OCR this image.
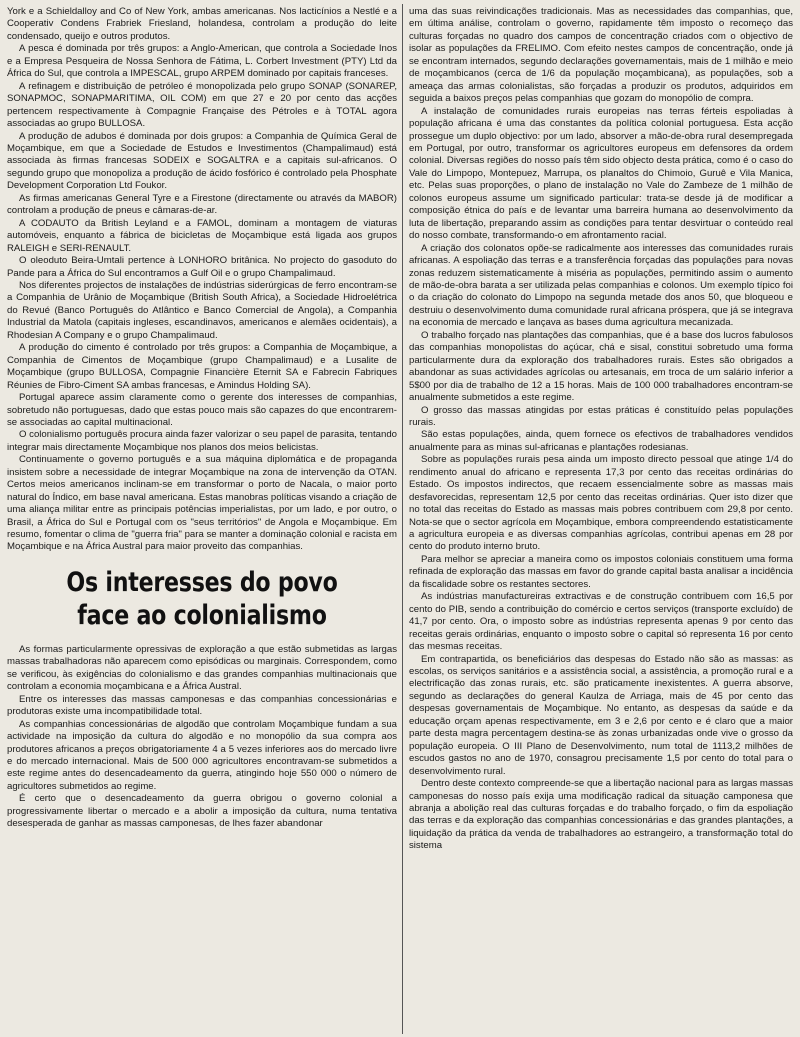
York e a Schieldalloy and Co of New York, ambas americanas. Nos lacticínios a Nestlé e a Cooperativ Condens Frabriek Friesland, holandesa, controlam a produção do leite condensado, queijo e outros produtos.

A pesca é dominada por três grupos: a Anglo-American, que controla a Sociedade Inos e a Empresa Pesqueira de Nossa Senhora de Fátima, L. Corbert Investment (PTY) Ltd da África do Sul, que controla a IMPESCAL, grupo ARPEM dominado por capitais franceses.

A refinagem e distribuição de petróleo é monopolizada pelo grupo SONAP (SONAREP, SONAPMOC, SONAPMARITIMA, OIL COM) em que 27 e 20 por cento das acções pertencem respectivamente à Compagnie Française des Pétroles e à TOTAL agora associadas ao grupo BULLOSA.

A produção de adubos é dominada por dois grupos: a Companhia de Química Geral de Moçambique, em que a Sociedade de Estudos e Investimentos (Champalimaud) está associada às firmas francesas SODEIX e SOGALTRA e a capitais sul-africanos. O segundo grupo que monopoliza a produção de ácido fosfórico é controlado pela Phosphate Development Corporation Ltd Foukor.

As firmas americanas General Tyre e a Firestone (directamente ou através da MABOR) controlam a produção de pneus e câmaras-de-ar.

A CODAUTO da British Leyland e a FAMOL, dominam a montagem de viaturas automóveis, enquanto a fábrica de bicicletas de Moçambique está ligada aos grupos RALEIGH e SERI-RENAULT.

O oleoduto Beira-Umtali pertence à LONHORO britânica. No projecto do gasoduto do Pande para a África do Sul encontramos a Gulf Oil e o grupo Champalimaud.

Nos diferentes projectos de instalações de indústrias siderúrgicas de ferro encontram-se a Companhia de Urânio de Moçambique (British South Africa), a Sociedade Hidroelétrica do Revué (Banco Português do Atlântico e Banco Comercial de Angola), a Companhia Industrial da Matola (capitais ingleses, escandinavos, americanos e alemães ocidentais), a Rhodesian A Company e o grupo Champalimaud.

A produção do cimento é controlado por três grupos: a Companhia de Moçambique, a Companhia de Cimentos de Moçambique (grupo Champalimaud) e a Lusalite de Moçambique (grupo BULLOSA, Compagnie Financière Eternit SA e Fabrecin Fabriques Réunies de Fibro-Ciment SA ambas francesas, e Amindus Holding SA).

Portugal aparece assim claramente como o gerente dos interesses de companhias, sobretudo não portuguesas, dado que estas pouco mais são capazes do que encontrarem-se associadas ao capital multinacional.

O colonialismo português procura ainda fazer valorizar o seu papel de parasita, tentando integrar mais directamente Moçambique nos planos dos meios belicistas.

Continuamente o governo português e a sua máquina diplomática e de propaganda insistem sobre a necessidade de integrar Moçambique na zona de intervenção da OTAN. Certos meios americanos inclinam-se em transformar o porto de Nacala, o maior porto natural do Índico, em base naval americana. Estas manobras políticas visando a criação de uma aliança militar entre as principais potências imperialistas, por um lado, e por outro, o Brasil, a África do Sul e Portugal com os "seus territórios" de Angola e Moçambique. Em resumo, fomentar o clima de "guerra fria" para se manter a dominação colonial e racista em Moçambique e na África Austral para maior proveito das companhias.

Os interesses do povo

face ao colonialismo

As formas particularmente opressivas de exploração a que estão submetidas as largas massas trabalhadoras não aparecem como episódicas ou marginais. Correspondem, como se verificou, às exigências do colonialismo e das grandes companhias multinacionais que controlam a economia moçambicana e a África Austral.

Entre os interesses das massas camponesas e das companhias concessionárias e produtoras existe uma incompatibilidade total.

As companhias concessionárias de algodão que controlam Moçambique fundam a sua actividade na imposição da cultura do algodão e no monopólio da sua compra aos produtores africanos a preços obrigatoriamente 4 a 5 vezes inferiores aos do mercado livre e do mercado internacional. Mais de 500 000 agricultores encontravam-se submetidos a este regime antes do desencadeamento da guerra, atingindo hoje 550 000 o número de agricultores submetidos ao regime.

É certo que o desencadeamento da guerra obrigou o governo colonial a progressivamente libertar o mercado e a abolir a imposição da cultura, numa tentativa desesperada de ganhar as massas camponesas, de lhes fazer abandonar

uma das suas reivindicações tradicionais. Mas as necessidades das companhias, que, em última análise, controlam o governo, rapidamente têm imposto o recomeço das culturas forçadas no quadro dos campos de concentração criados com o objectivo de isolar as populações da FRELIMO. Com efeito nestes campos de concentração, onde já se encontram internados, segundo declarações governamentais, mais de 1 milhão e meio de moçambicanos (cerca de 1/6 da população moçambicana), as populações, sob a ameaça das armas colonialistas, são forçadas a produzir os produtos, adquiridos em seguida a baixos preços pelas companhias que gozam do monopólio de compra.

A instalação de comunidades rurais europeias nas terras férteis espoliadas à população africana é uma das constantes da política colonial portuguesa. Esta acção prossegue um duplo objectivo: por um lado, absorver a mão-de-obra rural desempregada em Portugal, por outro, transformar os agricultores europeus em defensores da ordem colonial. Diversas regiões do nosso país têm sido objecto desta prática, como é o caso do Vale do Limpopo, Montepuez, Marrupa, os planaltos do Chimoio, Guruê e Vila Manica, etc. Pelas suas proporções, o plano de instalação no Vale do Zambeze de 1 milhão de colonos europeus assume um significado particular: trata-se desde já de modificar a composição étnica do país e de levantar uma barreira humana ao desenvolvimento da luta de libertação, preparando assim as condições para tentar desvirtuar o conteúdo real do nosso combate, transformando-o em afrontamento racial.

A criação dos colonatos opõe-se radicalmente aos interesses das comunidades rurais africanas. A espoliação das terras e a transferência forçadas das populações para novas zonas reduzem sistematicamente à miséria as populações, permitindo assim o aumento de mão-de-obra barata a ser utilizada pelas companhias e colonos. Um exemplo típico foi o da criação do colonato do Limpopo na segunda metade dos anos 50, que bloqueou e destruiu o desenvolvimento duma comunidade rural africana próspera, que já se integrava na economia de mercado e lançava as bases duma agricultura mecanizada.

O trabalho forçado nas plantações das companhias, que é a base dos lucros fabulosos das companhias monopolistas do açúcar, chá e sisal, constitui sobretudo uma forma particularmente dura da exploração dos trabalhadores rurais. Estes são obrigados a abandonar as suas actividades agrícolas ou artesanais, em troca de um salário inferior a 5$00 por dia de trabalho de 12 a 15 horas. Mais de 100 000 trabalhadores encontram-se anualmente submetidos a este regime.

O grosso das massas atingidas por estas práticas é constituído pelas populações rurais.

São estas populações, ainda, quem fornece os efectivos de trabalhadores vendidos anualmente para as minas sul-africanas e plantações rodesianas.

Sobre as populações rurais pesa ainda um imposto directo pessoal que atinge 1/4 do rendimento anual do africano e representa 17,3 por cento das receitas ordinárias do Estado. Os impostos indirectos, que recaem essencialmente sobre as massas mais desfavorecidas, representam 12,5 por cento das receitas ordinárias. Quer isto dizer que no total das receitas do Estado as massas mais pobres contribuem com 29,8 por cento. Nota-se que o sector agrícola em Moçambique, embora compreendendo estatisticamente a agricultura europeia e as diversas companhias agrícolas, contribui apenas em 28 por cento do produto interno bruto.

Para melhor se apreciar a maneira como os impostos coloniais constituem uma forma refinada de exploração das massas em favor do grande capital basta analisar a incidência da fiscalidade sobre os restantes sectores.

As indústrias manufactureiras extractivas e de construção contribuem com 16,5 por cento do PIB, sendo a contribuição do comércio e certos serviços (transporte excluído) de 41,7 por cento. Ora, o imposto sobre as indústrias representa apenas 9 por cento das receitas gerais ordinárias, enquanto o imposto sobre o capital só representa 16 por cento das mesmas receitas.

Em contrapartida, os beneficiários das despesas do Estado não são as massas: as escolas, os serviços sanitários e a assistência social, a assistência, a promoção rural e a electrificação das zonas rurais, etc. são praticamente inexistentes. A guerra absorve, segundo as declarações do general Kaulza de Arriaga, mais de 45 por cento das despesas governamentais de Moçambique. No entanto, as despesas da saúde e da educação orçam apenas respectivamente, em 3 e 2,6 por cento e é claro que a maior parte desta magra percentagem destina-se às zonas urbanizadas onde vive o grosso da população europeia. O III Plano de Desenvolvimento, num total de 1113,2 milhões de escudos gastos no ano de 1970, consagrou precisamente 1,5 por cento do total para o desenvolvimento rural.

Dentro deste contexto compreende-se que a libertação nacional para as largas massas camponesas do nosso país exija uma modificação radical da situação camponesa que abranja a abolição real das culturas forçadas e do trabalho forçado, o fim da espoliação das terras e da exploração das companhias concessionárias e das grandes plantações, a liquidação da prática da venda de trabalhadores ao estrangeiro, a transformação total do sistema
